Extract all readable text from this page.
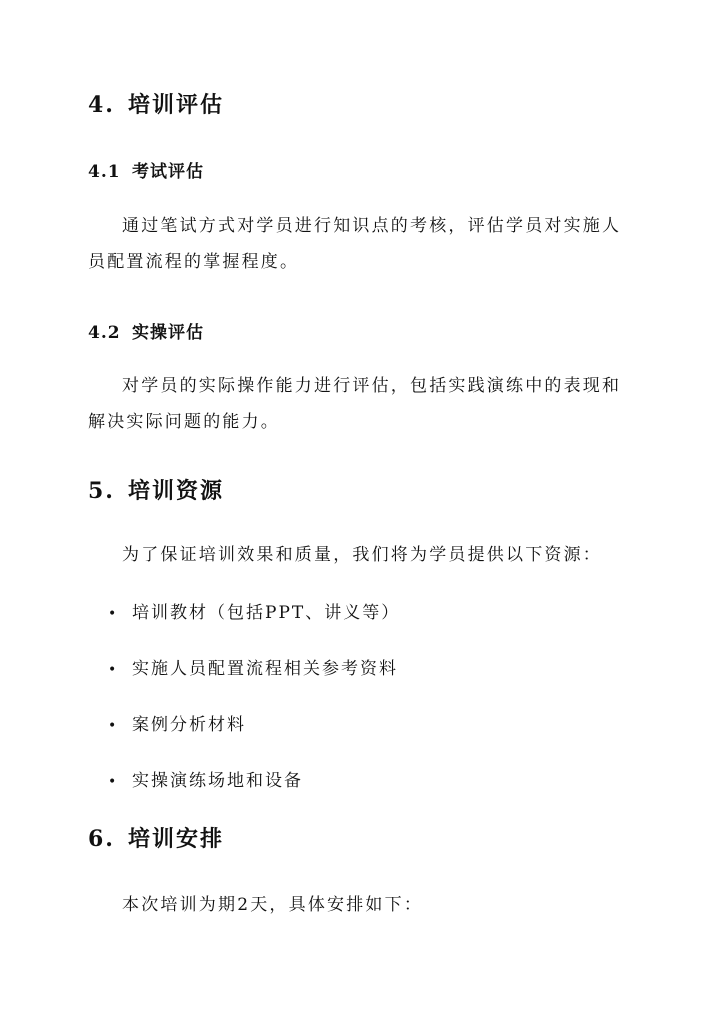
4. 培训评估
4.1 考试评估
通过笔试方式对学员进行知识点的考核，评估学员对实施人员配置流程的掌握程度。
4.2 实操评估
对学员的实际操作能力进行评估，包括实践演练中的表现和解决实际问题的能力。
5. 培训资源
为了保证培训效果和质量，我们将为学员提供以下资源：
• 培训教材（包括PPT、讲义等）
• 实施人员配置流程相关参考资料
• 案例分析材料
• 实操演练场地和设备
6. 培训安排
本次培训为期2天，具体安排如下：
